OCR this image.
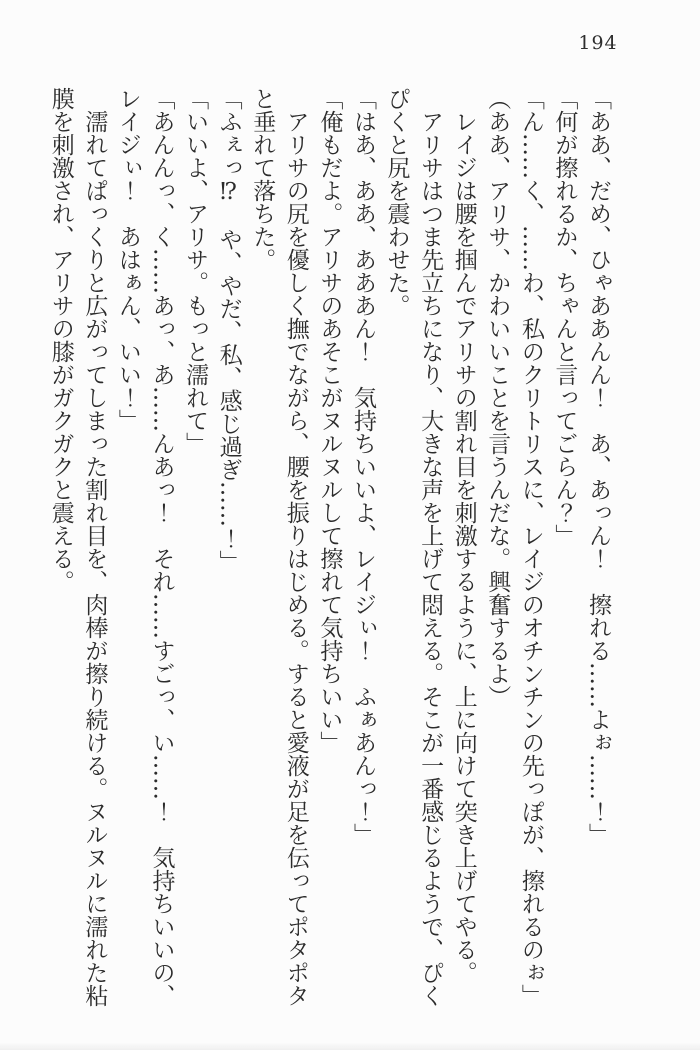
194

「ああ、だめ、ひゃああんん！　あ、あっん！　擦れる……よぉ……！」

「何が擦れるか、ちゃんと言ってごらん？」

「ん……く、……わ、私のクリトリスに、レイジのオチンチンの先っぽが、擦れるのぉ」

（ああ、アリサ、かわいいことを言うんだな。興奮するよ）

レイジは腰を掴んでアリサの割れ目を刺激するように、上に向けて突き上げてやる。

アリサはつま先立ちになり、大きな声を上げて悶える。そこが一番感じるようで、ぴくぴくと尻を震わせた。

「はあ、ああ、あああん！　気持ちいいよ、レイジぃ！　ふぁあんっ！」

「俺もだよ。アリサのあそこがヌルヌルして擦れて気持ちいい」

アリサの尻を優しく撫でながら、腰を振りはじめる。すると愛液が足を伝ってポタポタと垂れて落ちた。

「ふぇっ⁉　や、やだ、私、感じ過ぎ……！」

「いいよ、アリサ。もっと濡れて」

「あんんっ、く……あっ、あ……んあっ！　それ……すごっ、い……！　気持ちいいの、レイジぃ！　あはぁん、いい！」

濡れてぱっくりと広がってしまった割れ目を、肉棒が擦り続ける。ヌルヌルに濡れた粘膜を刺激され、アリサの膝がガクガクと震える。
